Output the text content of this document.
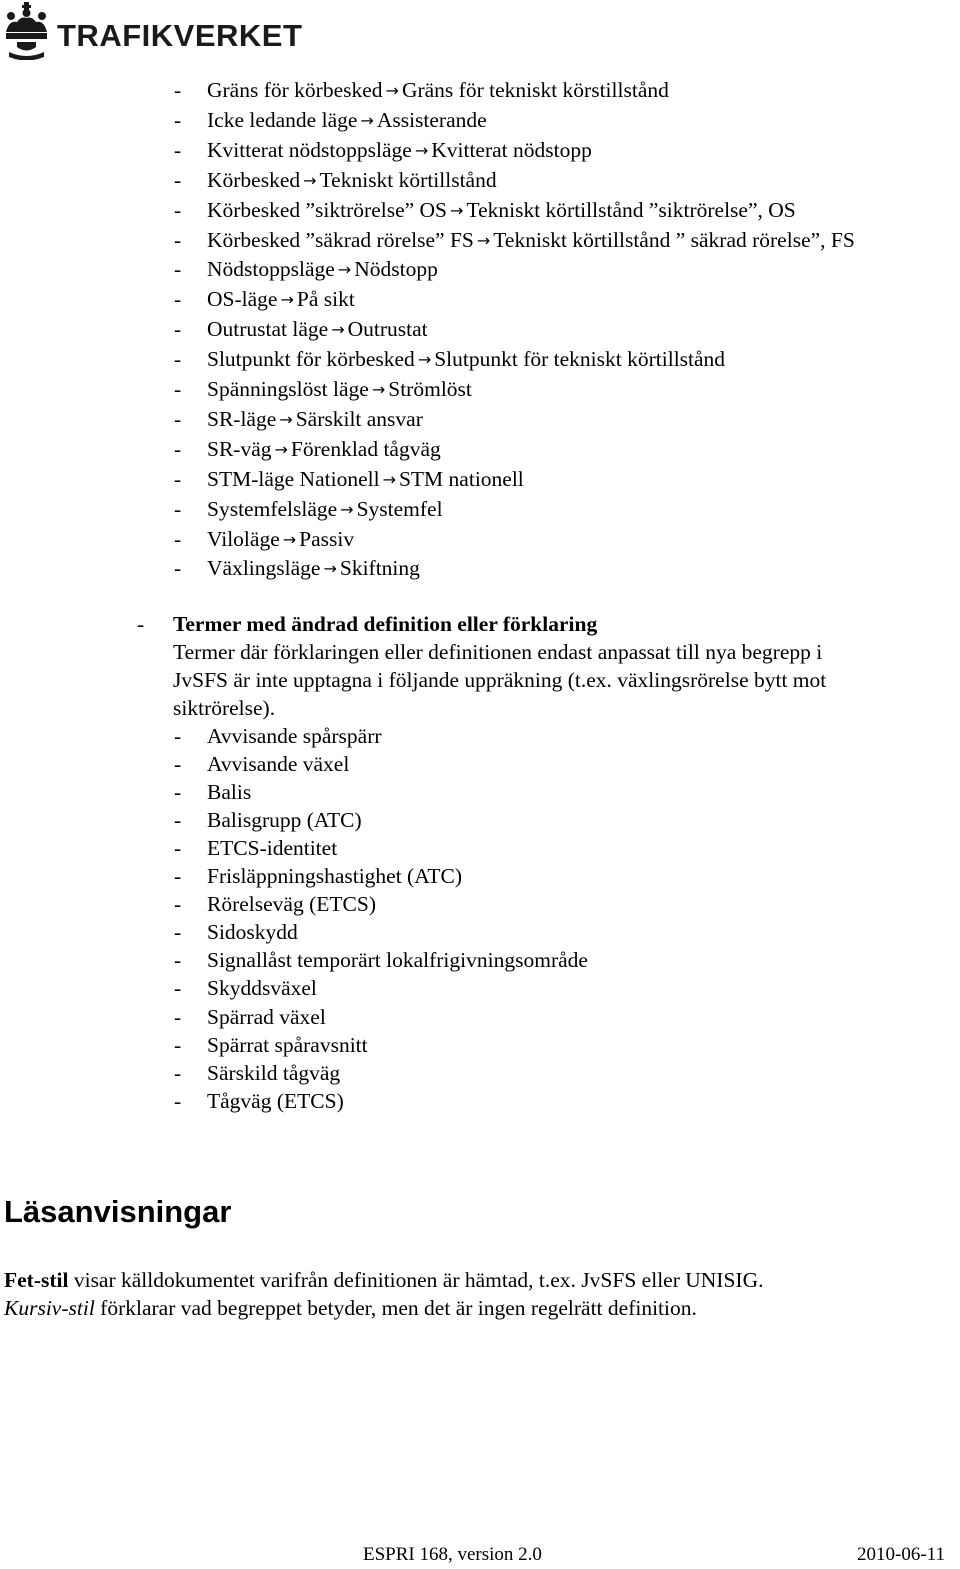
TRAFIKVERKET
- Gräns för körbesked → Gräns för tekniskt körstillstånd
- Icke ledande läge → Assisterande
- Kvitterat nödstoppsläge → Kvitterat nödstopp
- Körbesked → Tekniskt körtillstånd
- Körbesked ”siktrörelse” OS → Tekniskt körtillstånd ”siktrörelse”, OS
- Körbesked ”säkrad rörelse” FS → Tekniskt körtillstånd ” säkrad rörelse”, FS
- Nödstoppsläge → Nödstopp
- OS-läge → På sikt
- Outrustat läge → Outrustat
- Slutpunkt för körbesked → Slutpunkt för tekniskt körtillstånd
- Spänningslöst läge → Strömlöst
- SR-läge → Särskilt ansvar
- SR-väg → Förenklad tågväg
- STM-läge Nationell → STM nationell
- Systemfelsläge → Systemfel
- Viloläge → Passiv
- Växlingsläge → Skiftning
- Termer med ändrad definition eller förklaring
Termer där förklaringen eller definitionen endast anpassat till nya begrepp i
JvSFS är inte upptagna i följande uppräkning (t.ex. växlingsrörelse bytt mot
siktrörelse).
- Avvisande spårspärr
- Avvisande växel
- Balis
- Balisgrupp (ATC)
- ETCS-identitet
- Frisläppningshastighet (ATC)
- Rörelseväg (ETCS)
- Sidoskydd
- Signallåst temporärt lokalfrigivningsområde
- Skyddsväxel
- Spärrad växel
- Spärrat spåravsnitt
- Särskild tågväg
- Tågväg (ETCS)
Läsanvisningar
Fet-stil visar källdokumentet varifrån definitionen är hämtad, t.ex. JvSFS eller UNISIG.
Kursiv-stil förklarar vad begreppet betyder, men det är ingen regelrätt definition.
ESPRI 168, version 2.0	2010-06-11
